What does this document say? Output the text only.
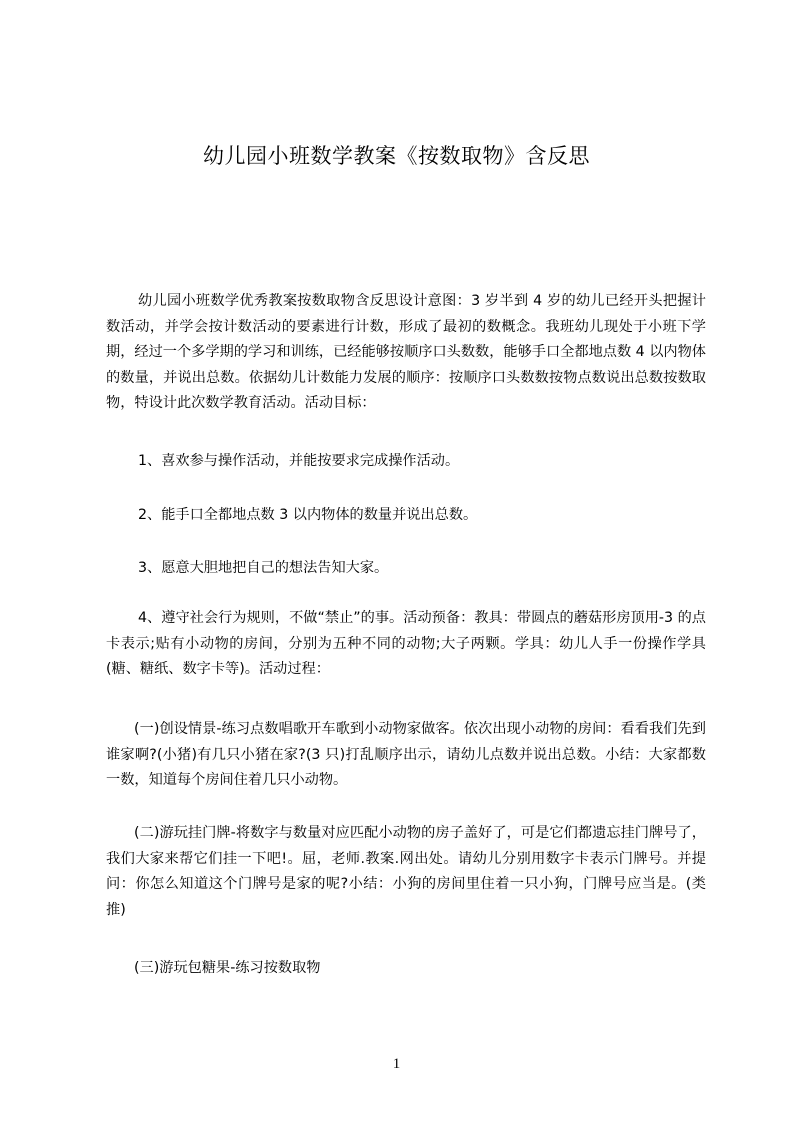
幼儿园小班数学教案《按数取物》含反思

幼儿园小班数学优秀教案按数取物含反思设计意图：3 岁半到 4 岁的幼儿已经开头把握计数活动，并学会按计数活动的要素进行计数，形成了最初的数概念。我班幼儿现处于小班下学期，经过一个多学期的学习和训练，已经能够按顺序口头数数，能够手口全都地点数 4 以内物体的数量，并说出总数。依据幼儿计数能力发展的顺序：按顺序口头数数按物点数说出总数按数取物，特设计此次数学教育活动。活动目标：

1、喜欢参与操作活动，并能按要求完成操作活动。

2、能手口全都地点数 3 以内物体的数量并说出总数。

3、愿意大胆地把自己的想法告知大家。

4、遵守社会行为规则，不做“禁止”的事。活动预备：教具：带圆点的蘑菇形房顶用-3 的点卡表示;贴有小动物的房间，分别为五种不同的动物;大子两颗。学具：幼儿人手一份操作学具(糖、糖纸、数字卡等)。活动过程：

(一)创设情景-练习点数唱歌开车歌到小动物家做客。依次出现小动物的房间：看看我们先到谁家啊?(小猪)有几只小猪在家?(3 只)打乱顺序出示，请幼儿点数并说出总数。小结：大家都数一数，知道每个房间住着几只小动物。

(二)游玩挂门牌-将数字与数量对应匹配小动物的房子盖好了，可是它们都遗忘挂门牌号了，我们大家来帮它们挂一下吧!。屈，老师.教案.网出处。请幼儿分别用数字卡表示门牌号。并提问：你怎么知道这个门牌号是家的呢?小结：小狗的房间里住着一只小狗，门牌号应当是。(类推)

(三)游玩包糖果-练习按数取物

1
